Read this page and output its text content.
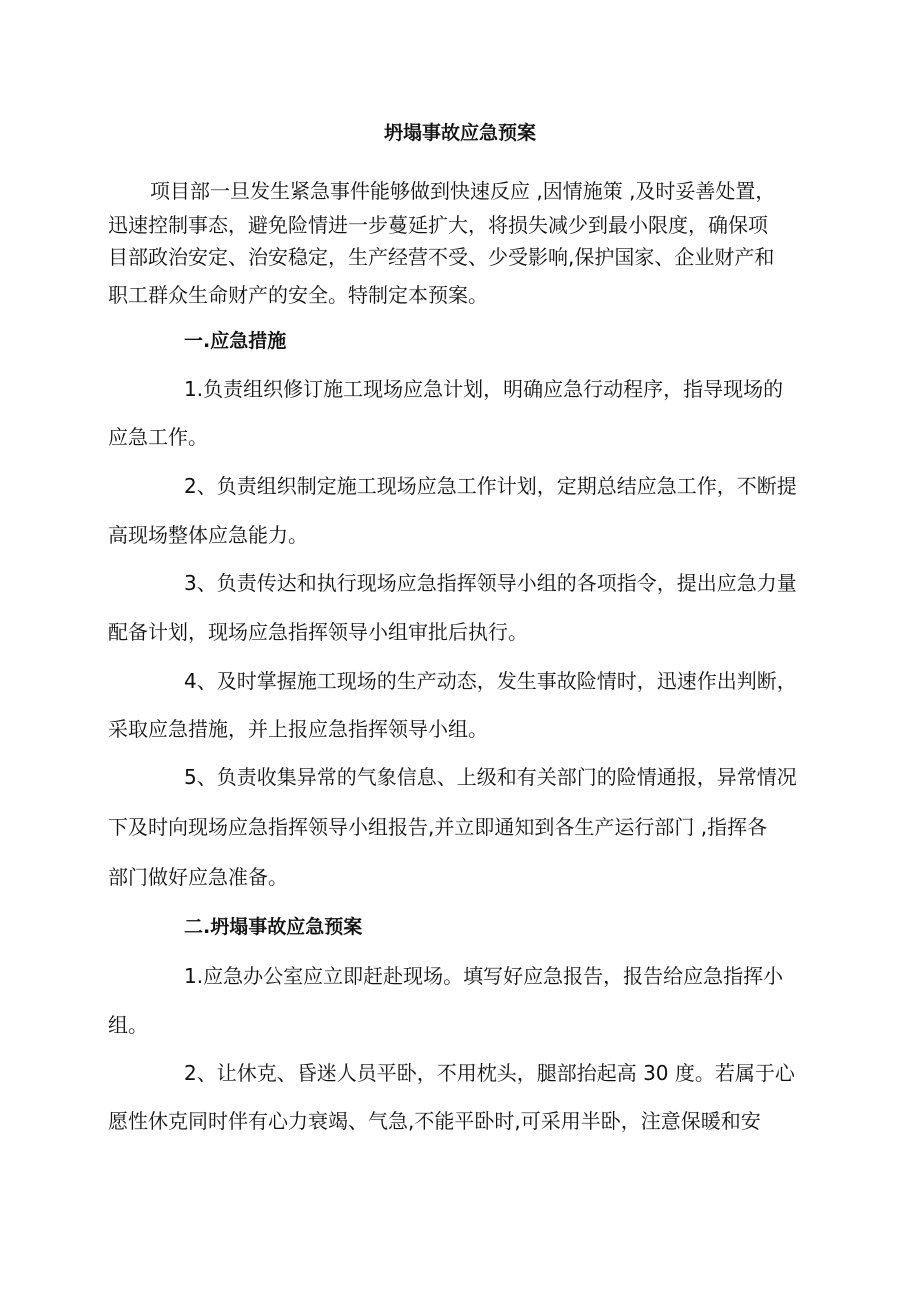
坍塌事故应急预案

项目部一旦发生紧急事件能够做到快速反应 ,因情施策 ,及时妥善处置，

迅速控制事态，避免险情进一步蔓延扩大，将损失减少到最小限度，确保项

目部政治安定、治安稳定，生产经营不受、少受影响,保护国家、企业财产和

职工群众生命财产的安全。特制定本预案。

一.应急措施

1.负责组织修订施工现场应急计划，明确应急行动程序，指导现场的

应急工作。

2、负责组织制定施工现场应急工作计划，定期总结应急工作，不断提

高现场整体应急能力。

3、负责传达和执行现场应急指挥领导小组的各项指令，提出应急力量

配备计划，现场应急指挥领导小组审批后执行。

4、及时掌握施工现场的生产动态，发生事故险情时，迅速作出判断，

采取应急措施，并上报应急指挥领导小组。

5、负责收集异常的气象信息、上级和有关部门的险情通报，异常情况

下及时向现场应急指挥领导小组报告,并立即通知到各生产运行部门 ,指挥各

部门做好应急准备。

二.坍塌事故应急预案

1.应急办公室应立即赶赴现场。填写好应急报告，报告给应急指挥小

组。

2、让休克、昏迷人员平卧，不用枕头，腿部抬起高 30 度。若属于心

愿性休克同时伴有心力衰竭、气急,不能平卧时,可采用半卧，注意保暖和安
